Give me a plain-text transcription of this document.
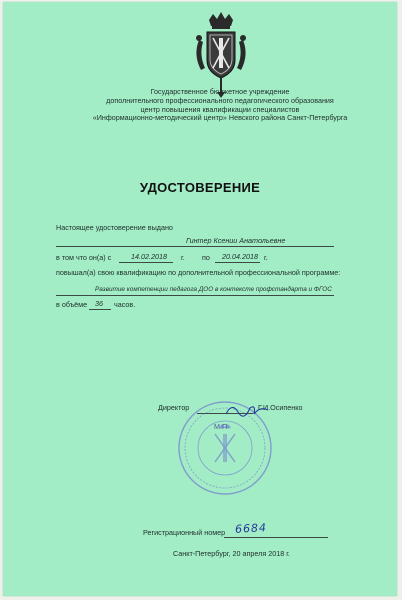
Государственное бюджетное учреждение
дополнительного профессионального педагогического образования
центр повышения квалификации специалистов
«Информационно-методический центр» Невского района Санкт-Петербурга
УДОСТОВЕРЕНИЕ
Настоящее удостоверение выдано
Гинтер Ксении Анатольевне
в том что он(а) с	14.02.2018 г. по 20.04.2018 г.
повышал(а) свою квалификацию по дополнительной профессиональной программе:
Развитие компетенции педагога ДОО в контексте профстандарта и ФГОС
в объёме 36 часов.
Директор	Г.И.Осипенко
М.П.
Регистрационный номер 6684
Санкт-Петербург, 20 апреля 2018 г.
